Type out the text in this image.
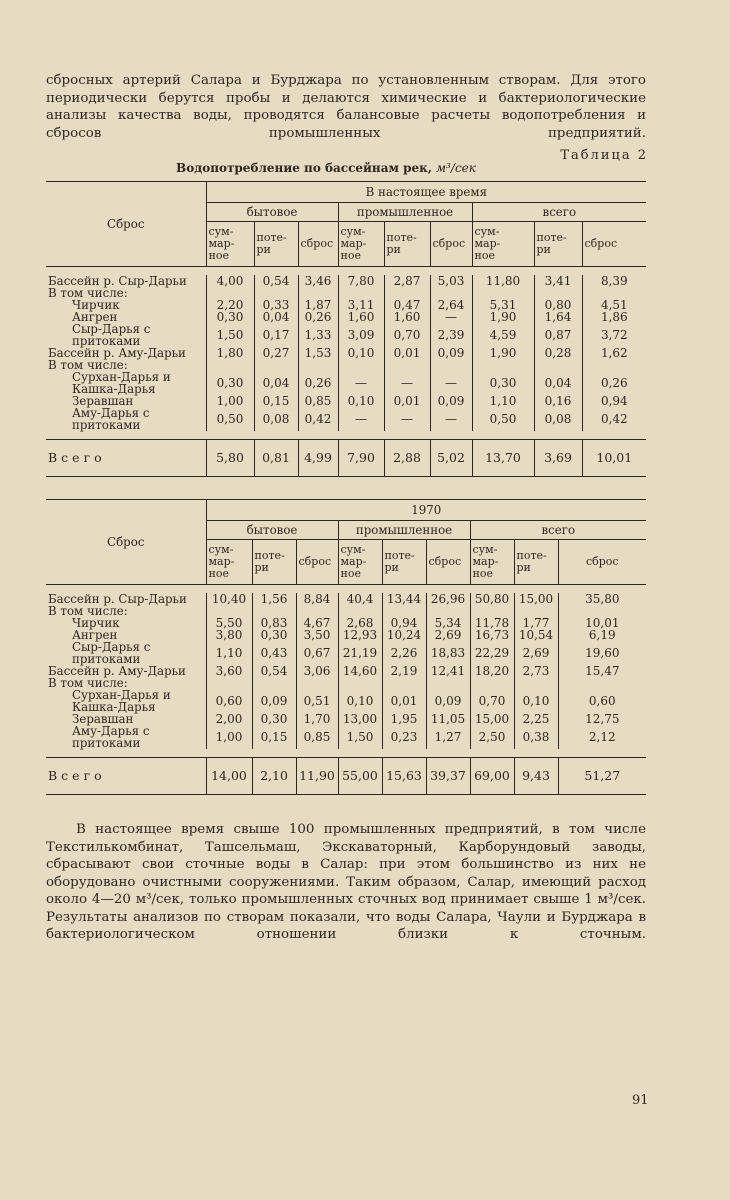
сбросных артерий Салара и Бурджара по установленным створам. Для этого периодически берутся пробы и делаются химические и бактериологические анализы качества воды, проводятся балансовые расчеты водопотребления и сбросов промышленных предприятий.

Таблица 2
Водопотребление по бассейнам рек, м³/сек
Сброс	В настоящее время								
	бытовое			промышленное			всего		
	сум-
мар-
ное	поте-
ри	сброс	сум-
мар-
ное	поте-
ри	сброс	сум-
мар-
ное	поте-
ри	сброс

Бассейн р. Сыр-Дарьи	4,00	0,54	3,46	7,80	2,87	5,03	11,80	3,41	8,39
В том числе:									
Чирчик	2,20	0,33	1,87	3,11	0,47	2,64	5,31	0,80	4,51
Ангрен	0,30	0,04	0,26	1,60	1,60	—	1,90	1,64	1,86
Сыр-Дарья с притоками	1,50	0,17	1,33	3,09	0,70	2,39	4,59	0,87	3,72
Бассейн р. Аму-Дарьи	1,80	0,27	1,53	0,10	0,01	0,09	1,90	0,28	1,62
В том числе:									
Сурхан-Дарья и Кашка-Дарья	0,30	0,04	0,26	—	—	—	0,30	0,04	0,26
Зеравшан	1,00	0,15	0,85	0,10	0,01	0,09	1,10	0,16	0,94
Аму-Дарья с притоками	0,50	0,08	0,42	—	—	—	0,50	0,08	0,42

Всего	5,80	0,81	4,99	7,90	2,88	5,02	13,70	3,69	10,01
Сброс	1970								
	бытовое			промышленное			всего		
	сум-
мар-
ное	поте-
ри	сброс	сум-
мар-
ное	поте-
ри	сброс	сум-
мар-
ное	поте-
ри	сброс

Бассейн р. Сыр-Дарьи	10,40	1,56	8,84	40,4	13,44	26,96	50,80	15,00	35,80
В том числе:									
Чирчик	5,50	0,83	4,67	2,68	0,94	5,34	11,78	1,77	10,01
Ангрен	3,80	0,30	3,50	12,93	10,24	2,69	16,73	10,54	6,19
Сыр-Дарья с притоками	1,10	0,43	0,67	21,19	2,26	18,83	22,29	2,69	19,60
Бассейн р. Аму-Дарьи	3,60	0,54	3,06	14,60	2,19	12,41	18,20	2,73	15,47
В том числе:									
Сурхан-Дарья и Кашка-Дарья	0,60	0,09	0,51	0,10	0,01	0,09	0,70	0,10	0,60
Зеравшан	2,00	0,30	1,70	13,00	1,95	11,05	15,00	2,25	12,75
Аму-Дарья с притоками	1,00	0,15	0,85	1,50	0,23	1,27	2,50	0,38	2,12

Всего	14,00	2,10	11,90	55,00	15,63	39,37	69,00	9,43	51,27

В настоящее время свыше 100 промышленных предприятий, в том числе Текстилькомбинат, Ташсельмаш, Экскаваторный, Карборундовый заводы, сбрасывают свои сточные воды в Салар: при этом большинство из них не оборудовано очистными сооружениями. Таким образом, Салар, имеющий расход около 4—20 м³/сек, только промышленных сточных вод принимает свыше 1 м³/сек. Результаты анализов по створам показали, что воды Салара, Чаули и Бурджара в бактериологическом отношении близки к сточным.

91
